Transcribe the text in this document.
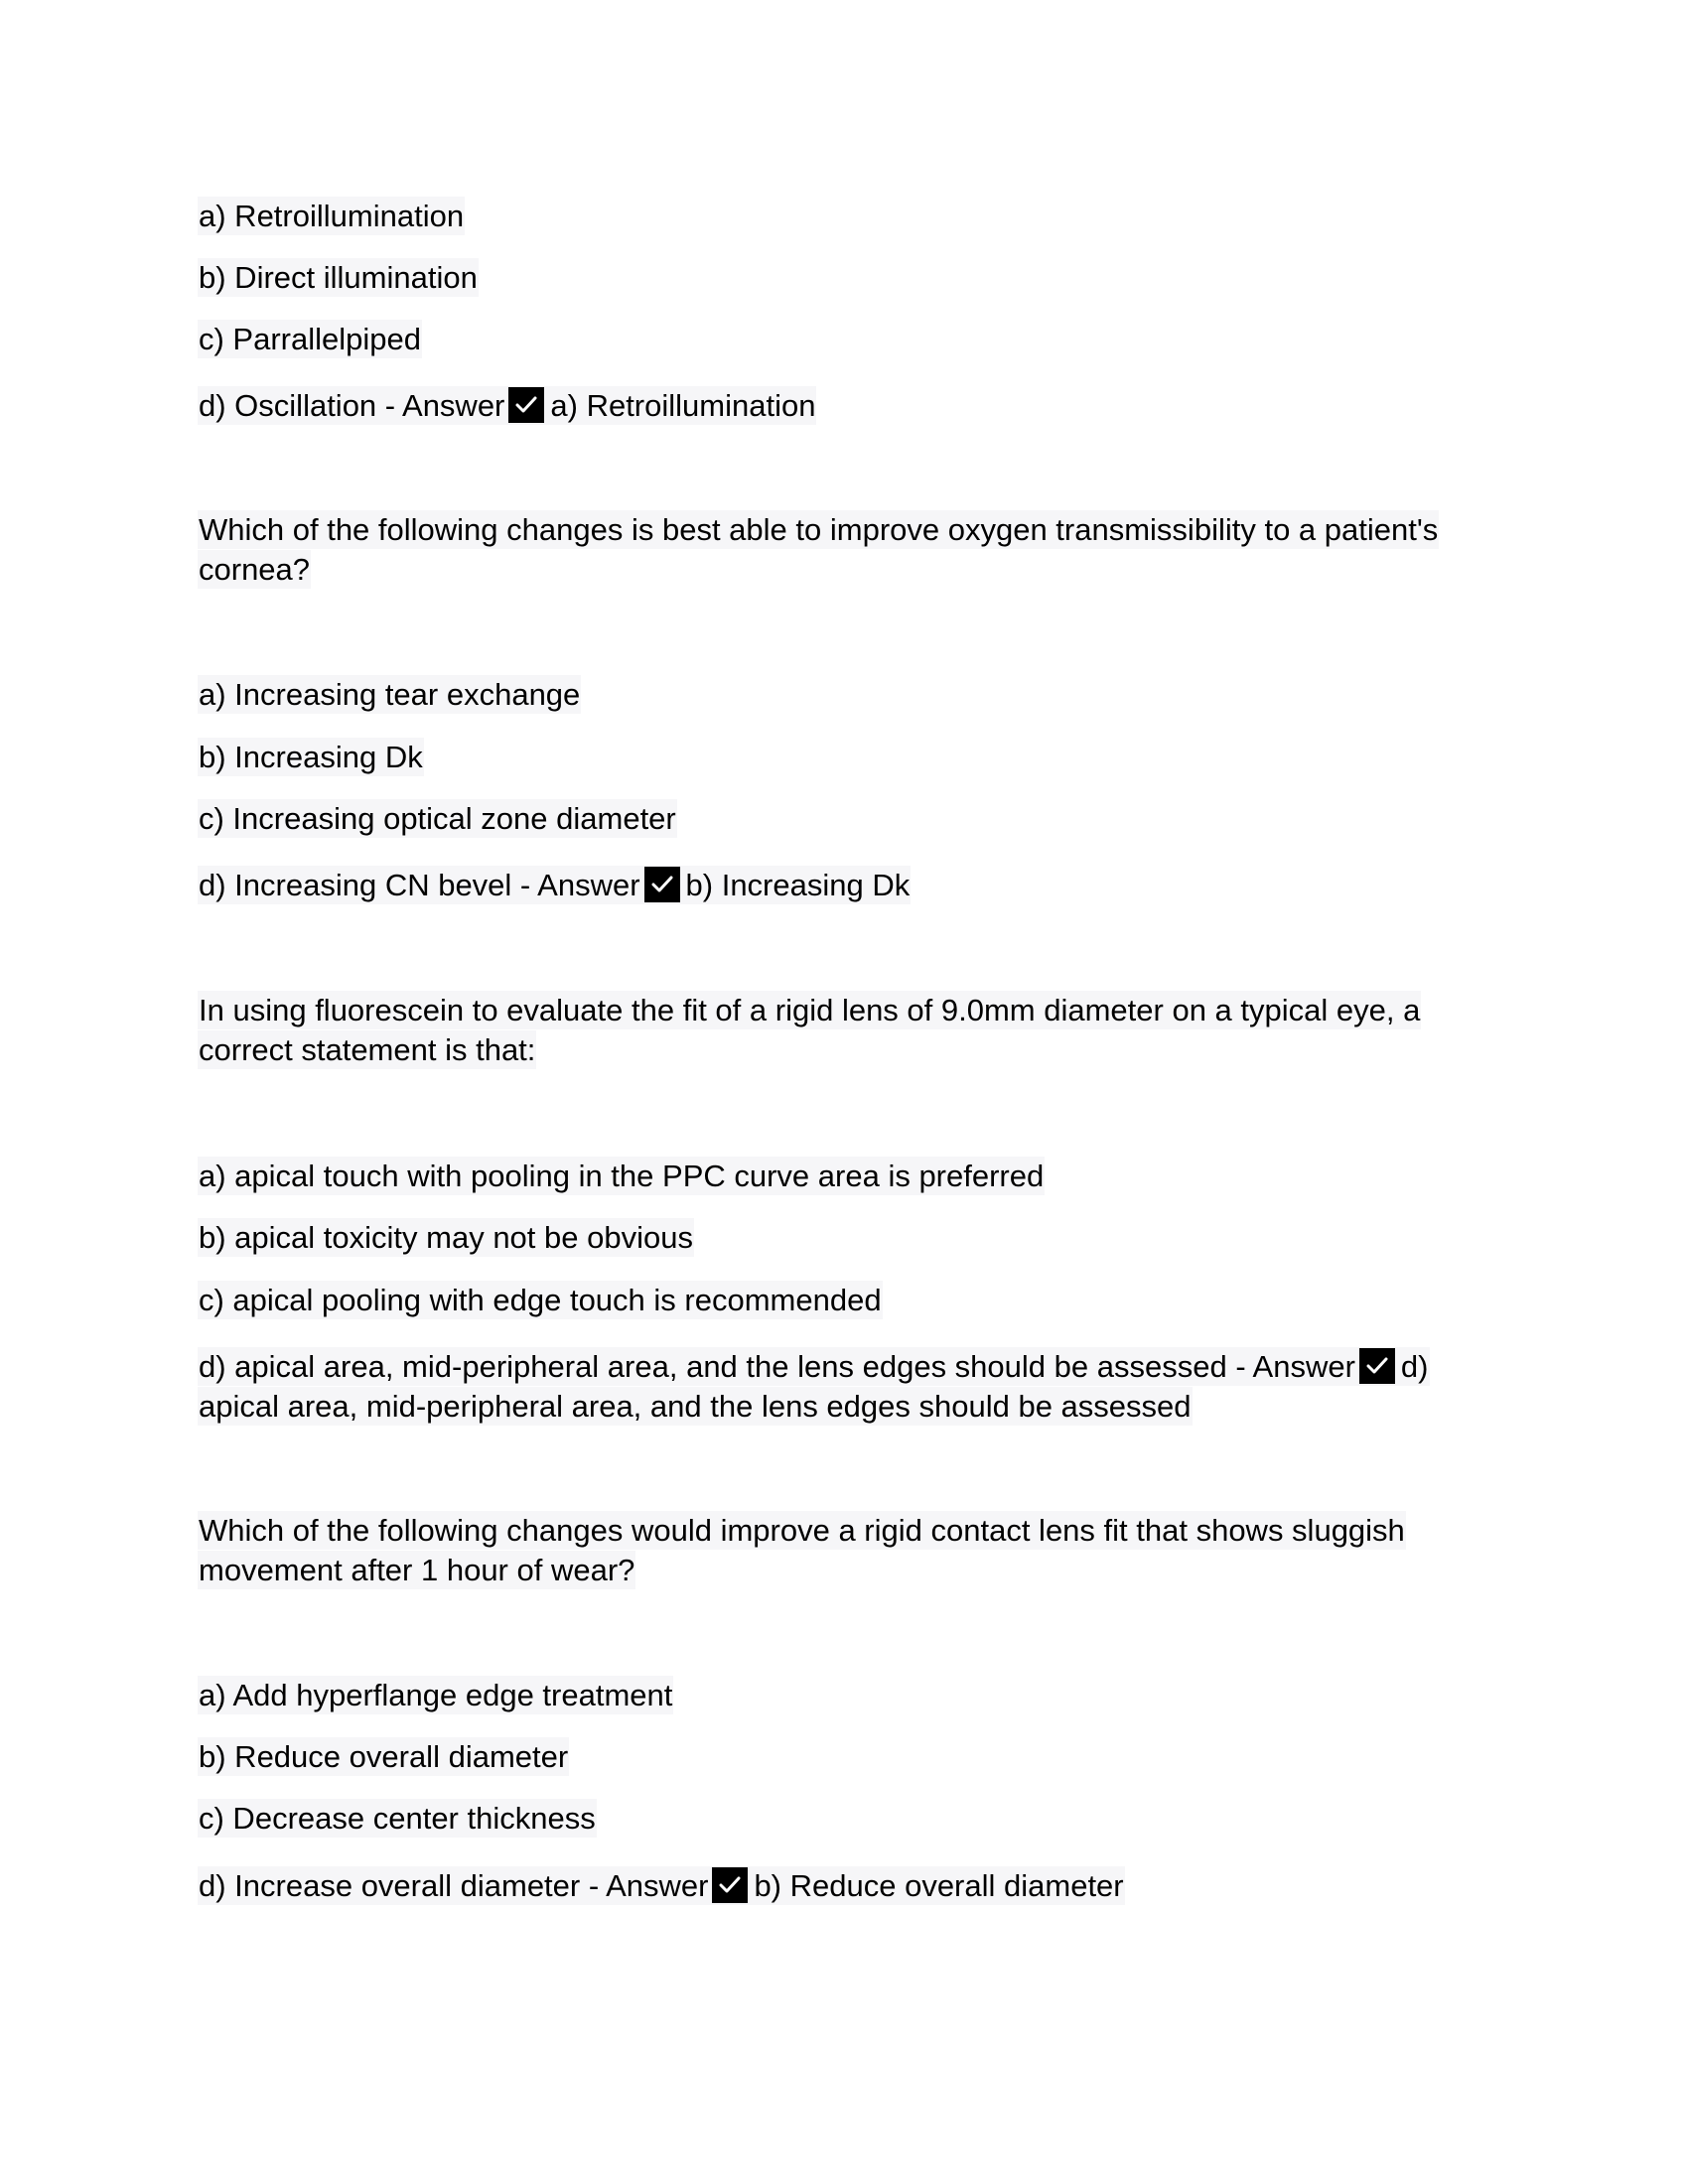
a) Retroillumination
b) Direct illumination
c) Parrallelpiped
d) Oscillation - Answer a) Retroillumination
Which of the following changes is best able to improve oxygen transmissibility to a patient's cornea?
a) Increasing tear exchange
b) Increasing Dk
c) Increasing optical zone diameter
d) Increasing CN bevel - Answer b) Increasing Dk
In using fluorescein to evaluate the fit of a rigid lens of 9.0mm diameter on a typical eye, a correct statement is that:
a) apical touch with pooling in the PPC curve area is preferred
b) apical toxicity may not be obvious
c) apical pooling with edge touch is recommended
d) apical area, mid-peripheral area, and the lens edges should be assessed - Answer d) apical area, mid-peripheral area, and the lens edges should be assessed
Which of the following changes would improve a rigid contact lens fit that shows sluggish movement after 1 hour of wear?
a) Add hyperflange edge treatment
b) Reduce overall diameter
c) Decrease center thickness
d) Increase overall diameter - Answer b) Reduce overall diameter
